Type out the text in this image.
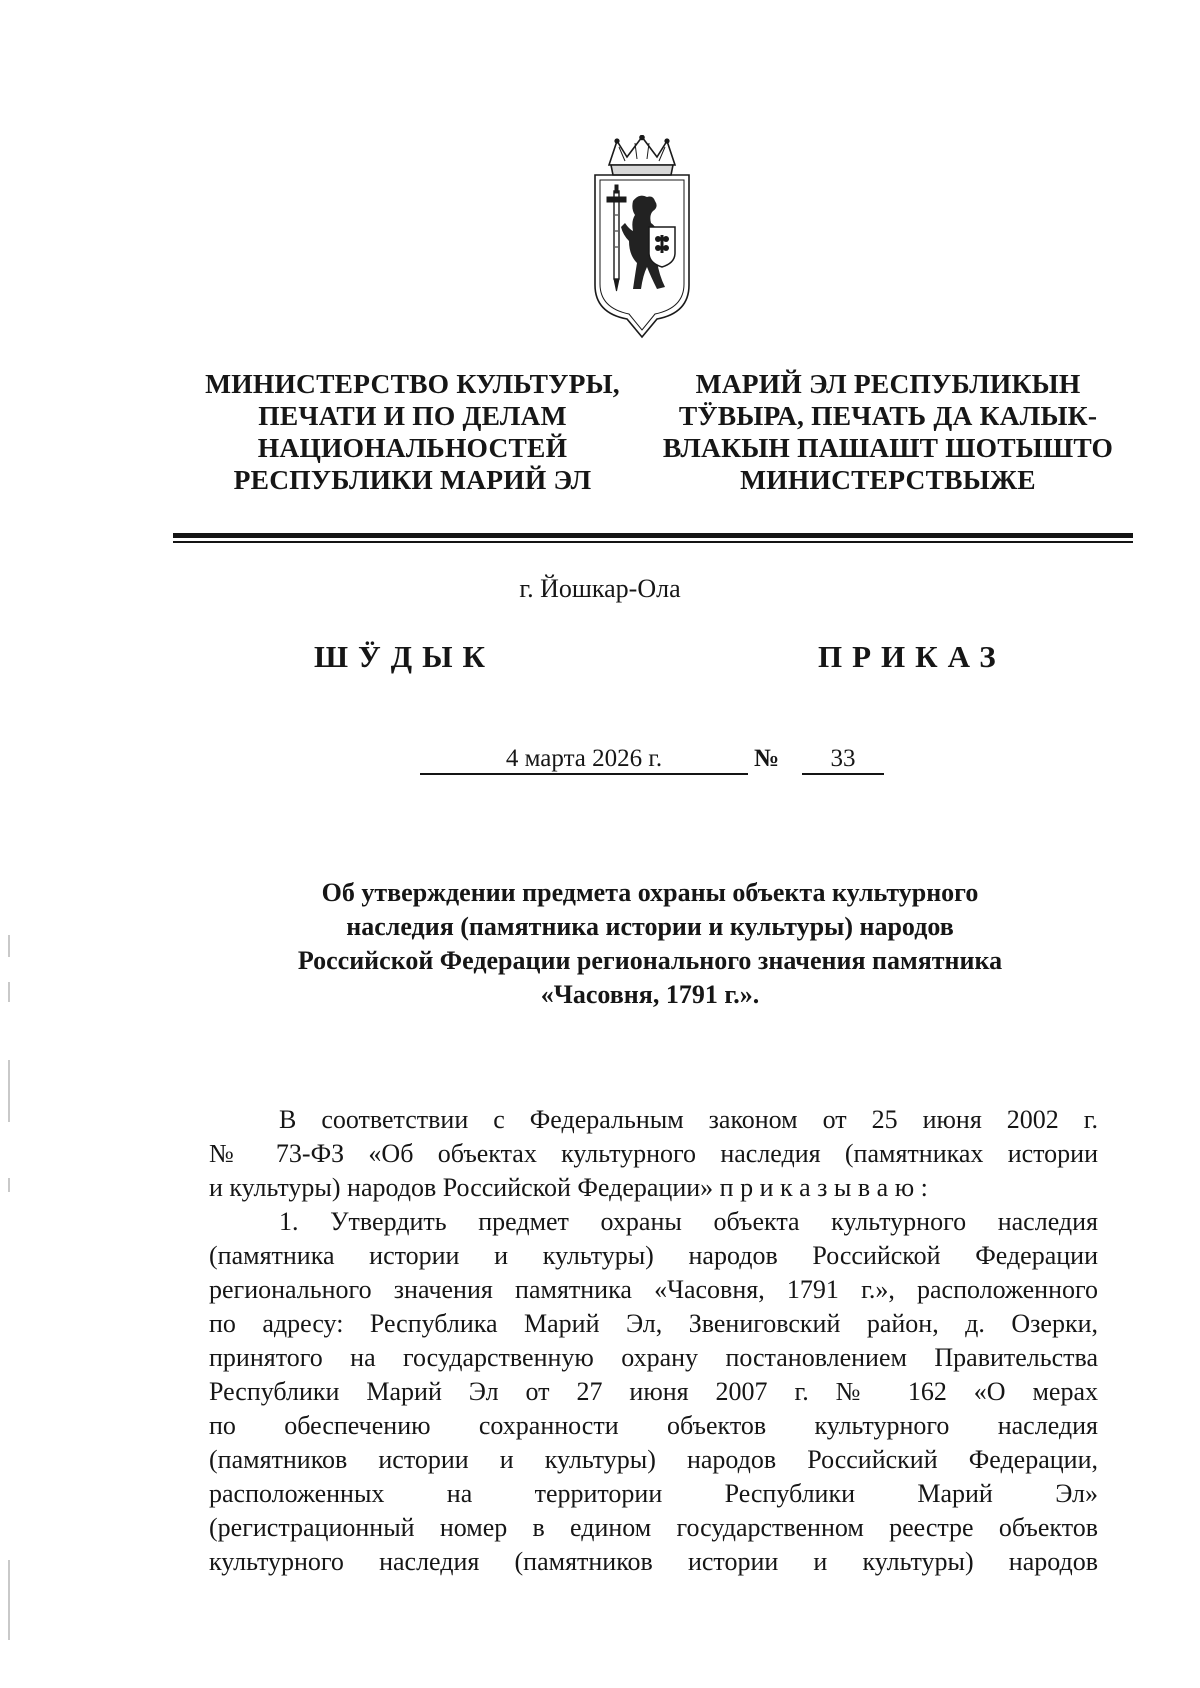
МИНИСТЕРСТВО КУЛЬТУРЫ,
ПЕЧАТИ И ПО ДЕЛАМ
НАЦИОНАЛЬНОСТЕЙ
РЕСПУБЛИКИ МАРИЙ ЭЛ
МАРИЙ ЭЛ РЕСПУБЛИКЫН
ТӰВЫРА, ПЕЧАТЬ ДА КАЛЫК-
ВЛАКЫН ПАШАШТ ШОТЫШТО
МИНИСТЕРСТВЫЖЕ
г. Йошкар-Ола
ШӰДЫК	ПРИКАЗ
4 марта 2026 г.	№	33
Об утверждении предмета охраны объекта культурного
наследия (памятника истории и культуры) народов
Российской Федерации регионального значения памятника
«Часовня, 1791 г.».
В соответствии с Федеральным законом от 25 июня 2002 г.
№ 73-ФЗ «Об объектах культурного наследия (памятниках истории
и культуры) народов Российской Федерации» п р и к а з ы в а ю :
1. Утвердить предмет охраны объекта культурного наследия
(памятника истории и культуры) народов Российской Федерации
регионального значения памятника «Часовня, 1791 г.», расположенного
по адресу: Республика Марий Эл, Звениговский район, д. Озерки,
принятого на государственную охрану постановлением Правительства
Республики Марий Эл от 27 июня 2007 г. № 162 «О мерах
по обеспечению сохранности объектов культурного наследия
(памятников истории и культуры) народов Российский Федерации,
расположенных на территории Республики Марий Эл»
(регистрационный номер в едином государственном реестре объектов
культурного наследия (памятников истории и культуры) народов
